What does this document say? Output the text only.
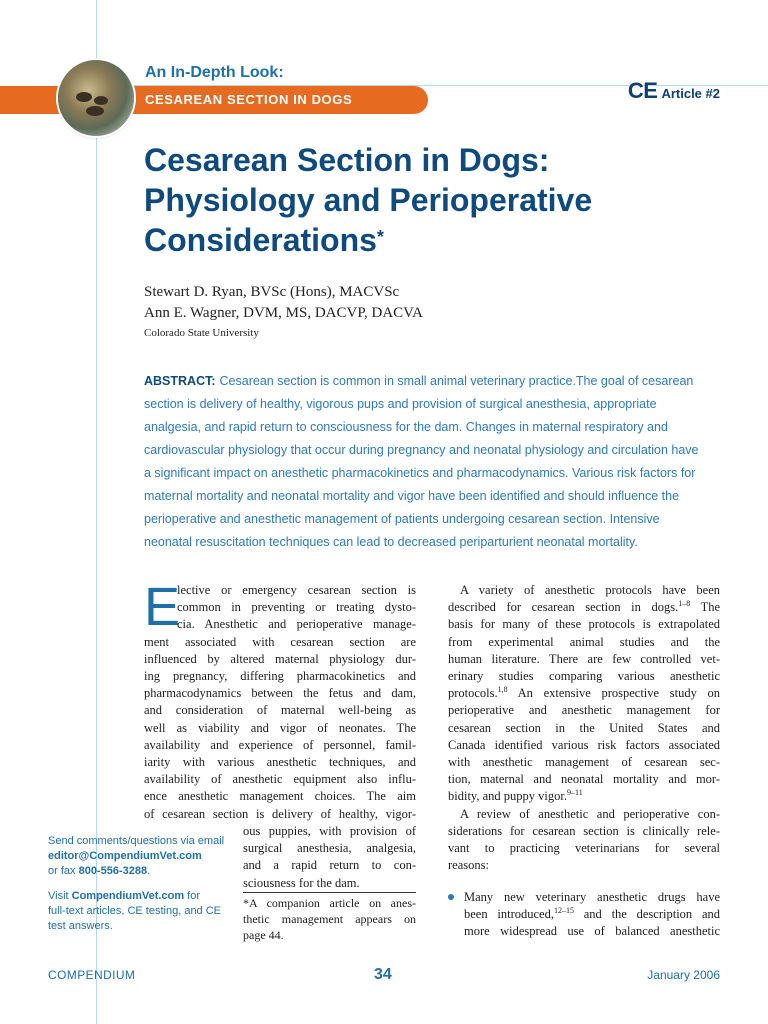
An In-Depth Look:
CESAREAN SECTION IN DOGS	CE Article #2
Cesarean Section in Dogs:
Physiology and Perioperative
Considerations*
Stewart D. Ryan, BVSc (Hons), MACVSc
Ann E. Wagner, DVM, MS, DACVP, DACVA
Colorado State University
ABSTRACT: Cesarean section is common in small animal veterinary practice.The goal of cesarean
section is delivery of healthy, vigorous pups and provision of surgical anesthesia, appropriate
analgesia, and rapid return to consciousness for the dam. Changes in maternal respiratory and
cardiovascular physiology that occur during pregnancy and neonatal physiology and circulation have
a significant impact on anesthetic pharmacokinetics and pharmacodynamics. Various risk factors for
maternal mortality and neonatal mortality and vigor have been identified and should influence the
perioperative and anesthetic management of patients undergoing cesarean section. Intensive
neonatal resuscitation techniques can lead to decreased periparturient neonatal mortality.
E
lective or emergency cesarean section is
common in preventing or treating dysto-
cia. Anesthetic and perioperative manage-
ment associated with cesarean section are
influenced by altered maternal physiology dur-
ing pregnancy, differing pharmacokinetics and
pharmacodynamics between the fetus and dam,
and consideration of maternal well-being as
well as viability and vigor of neonates. The
availability and experience of personnel, famil-
iarity with various anesthetic techniques, and
availability of anesthetic equipment also influ-
ence anesthetic management choices. The aim
of cesarean section is delivery of healthy, vigor-
ous puppies, with provision of
surgical anesthesia, analgesia,
and a rapid return to con-
sciousness for the dam.
*A companion article on anes-
thetic management appears on
page 44.
A variety of anesthetic protocols have been
described for cesarean section in dogs.$^{1-8}$ The
basis for many of these protocols is extrapolated
from experimental animal studies and the
human literature. There are few controlled vet-
erinary studies comparing various anesthetic
protocols.$^{1,8}$ An extensive prospective study on
perioperative and anesthetic management for
cesarean section in the United States and
Canada identified various risk factors associated
with anesthetic management of cesarean sec-
tion, maternal and neonatal mortality and mor-
bidity, and puppy vigor.$^{9-11}$
A review of anesthetic and perioperative con-
siderations for cesarean section is clinically rele-
vant to practicing veterinarians for several
reasons:
Many new veterinary anesthetic drugs have
been introduced,$^{12-15}$ and the description and
more widespread use of balanced anesthetic
Send comments/questions via email
editor@CompendiumVet.com
or fax 800-556-3288.
Visit CompendiumVet.com for
full-text articles, CE testing, and CE
test answers.
COMPENDIUM	34	January 2006
